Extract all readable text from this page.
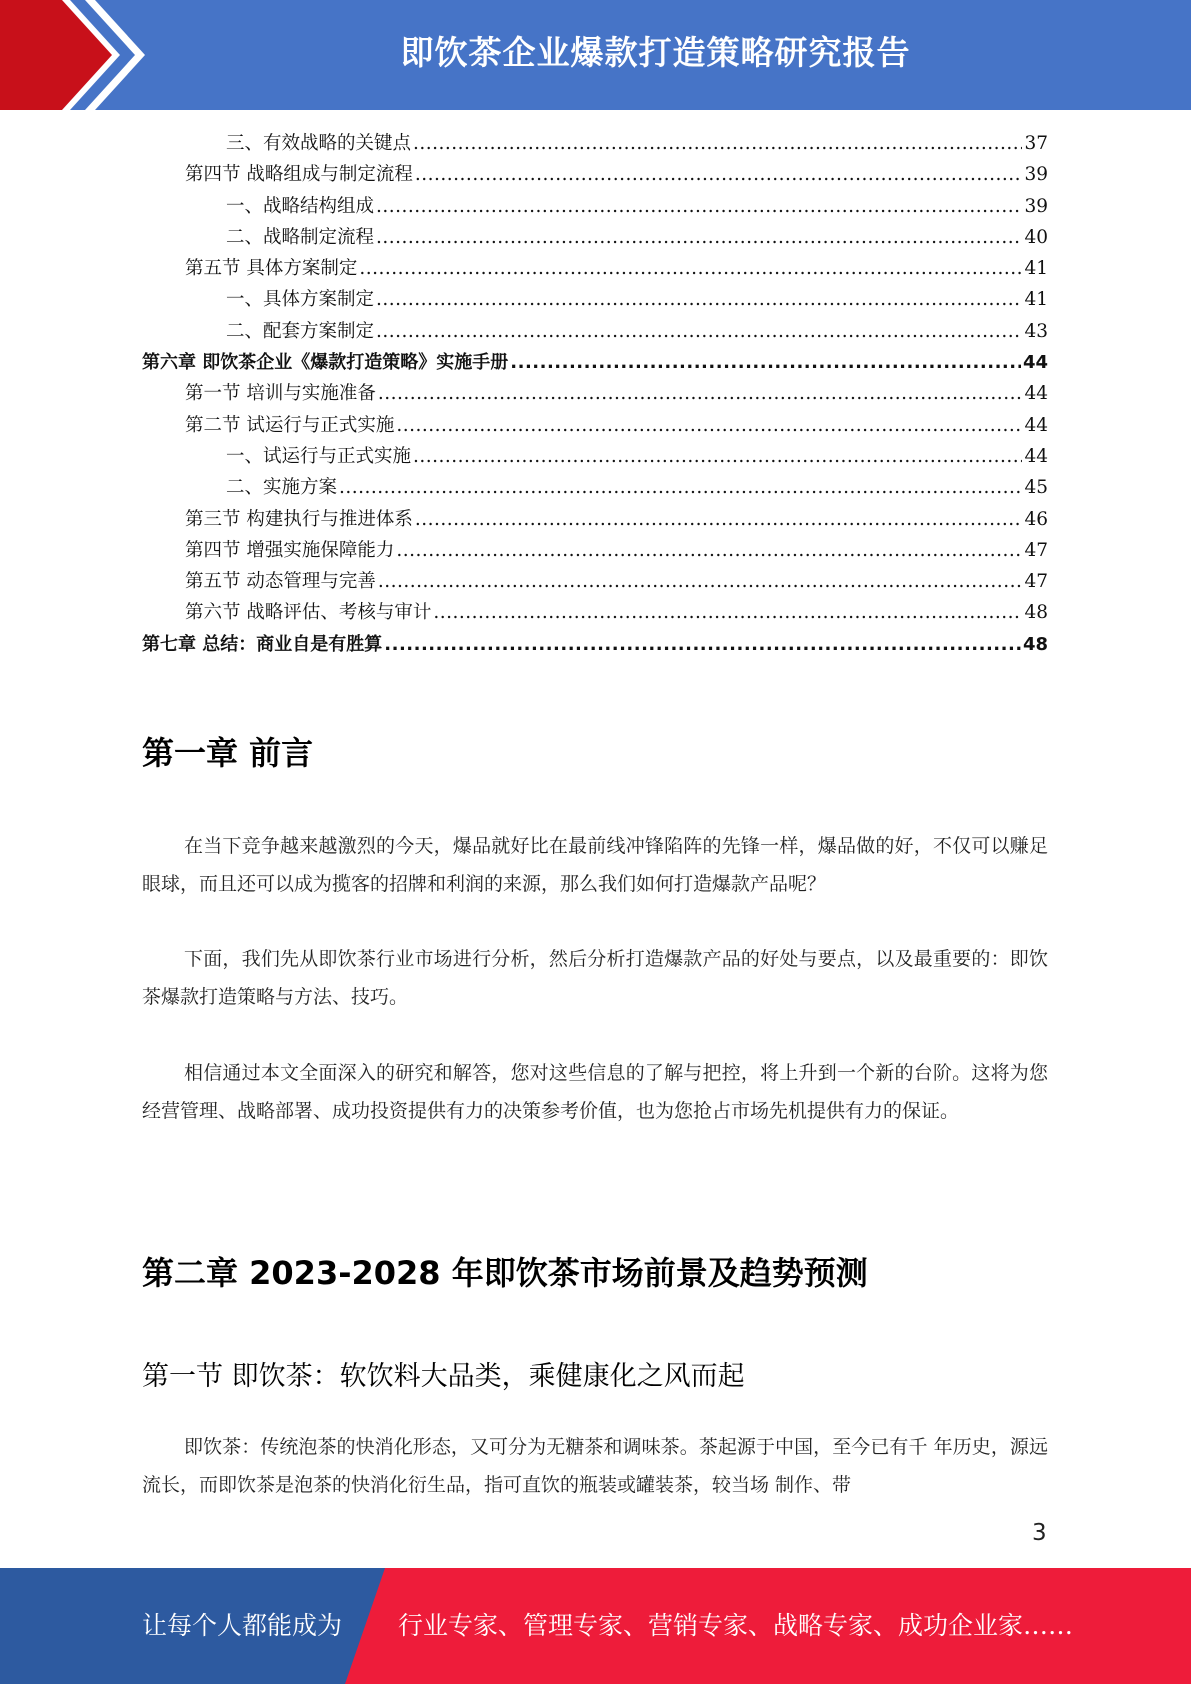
即饮茶企业爆款打造策略研究报告
三、有效战略的关键点 .....	37
第四节 战略组成与制定流程 .....	39
一、战略结构组成 .....	39
二、战略制定流程 .....	40
第五节 具体方案制定 .....	41
一、具体方案制定 .....	41
二、配套方案制定 .....	43
第六章 即饮茶企业《爆款打造策略》实施手册 .....	44
第一节 培训与实施准备 .....	44
第二节 试运行与正式实施 .....	44
一、试运行与正式实施 .....	44
二、实施方案 .....	45
第三节 构建执行与推进体系 .....	46
第四节 增强实施保障能力 .....	47
第五节 动态管理与完善 .....	47
第六节 战略评估、考核与审计 .....	48
第七章 总结：商业自是有胜算 .....	48
第一章 前言
在当下竞争越来越激烈的今天，爆品就好比在最前线冲锋陷阵的先锋一样，爆品做的好，不仅可以赚足眼球，而且还可以成为揽客的招牌和利润的来源，那么我们如何打造爆款产品呢？
下面，我们先从即饮茶行业市场进行分析，然后分析打造爆款产品的好处与要点，以及最重要的：即饮茶爆款打造策略与方法、技巧。
相信通过本文全面深入的研究和解答，您对这些信息的了解与把控，将上升到一个新的台阶。这将为您经营管理、战略部署、成功投资提供有力的决策参考价值，也为您抢占市场先机提供有力的保证。
第二章 2023-2028 年即饮茶市场前景及趋势预测
第一节 即饮茶：软饮料大品类，乘健康化之风而起
即饮茶：传统泡茶的快消化形态，又可分为无糖茶和调味茶。茶起源于中国，至今已有千 年历史，源远流长，而即饮茶是泡茶的快消化衍生品，指可直饮的瓶装或罐装茶，较当场 制作、带
3
让每个人都能成为 行业专家、管理专家、营销专家、战略专家、成功企业家……
